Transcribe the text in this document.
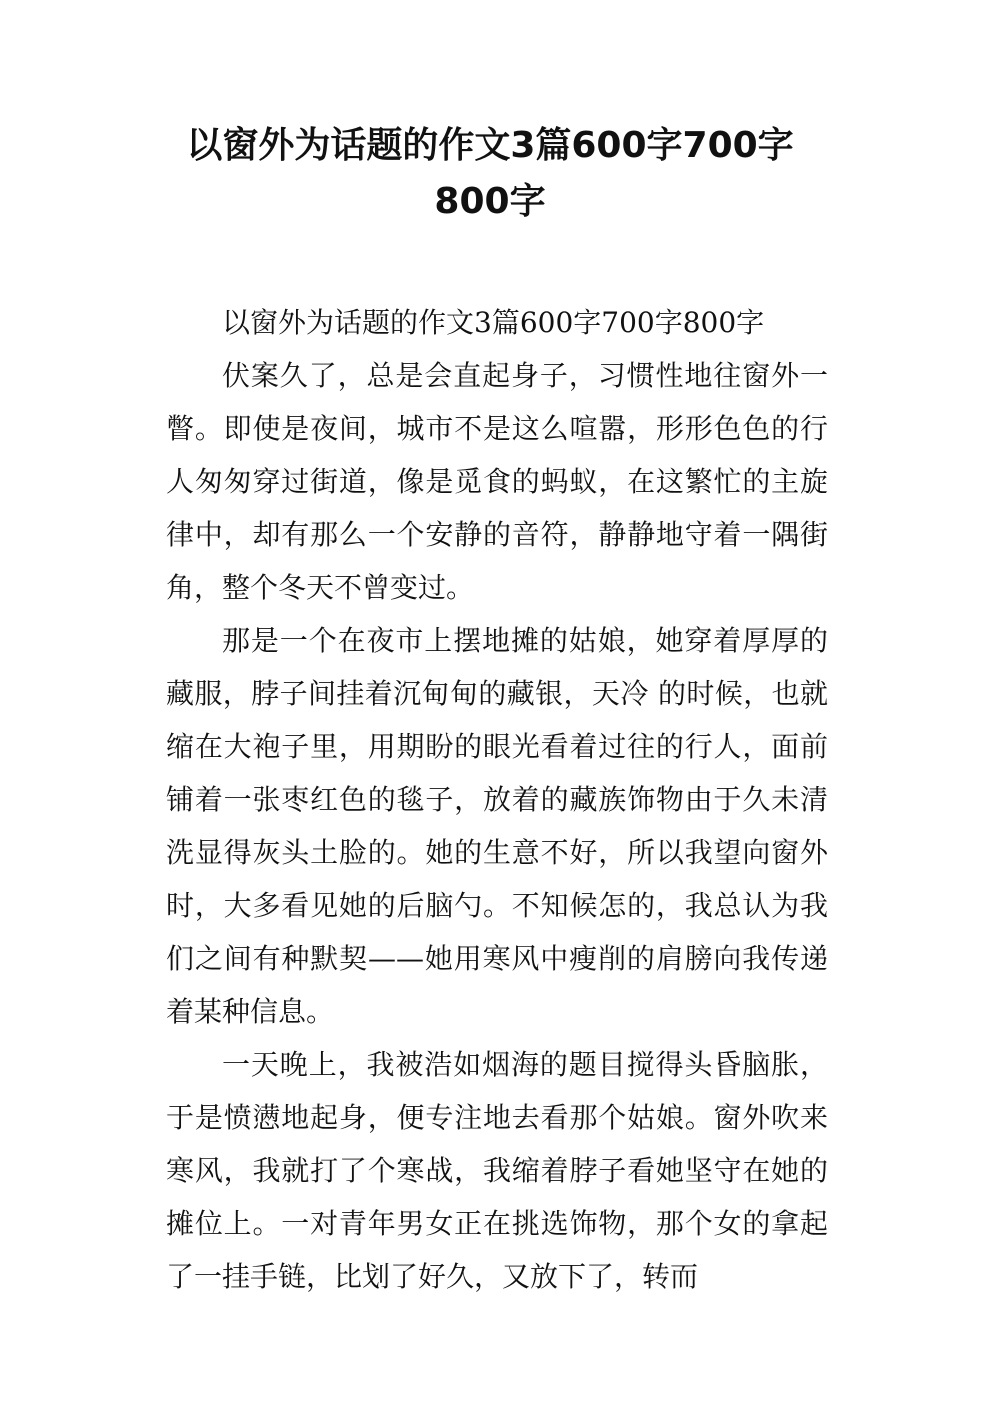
以窗外为话题的作文3篇600字700字800字

以窗外为话题的作文3篇600字700字800字

伏案久了，总是会直起身子，习惯性地往窗外一瞥。即使是夜间，城市不是这么喧嚣，形形色色的行人匆匆穿过街道，像是觅食的蚂蚁，在这繁忙的主旋律中，却有那么一个安静的音符，静静地守着一隅街角，整个冬天不曾变过。

那是一个在夜市上摆地摊的姑娘，她穿着厚厚的藏服，脖子间挂着沉甸甸的藏银，天冷 的时候，也就缩在大袍子里，用期盼的眼光看着过往的行人，面前铺着一张枣红色的毯子，放着的藏族饰物由于久未清洗显得灰头土脸的。她的生意不好，所以我望向窗外 时，大多看见她的后脑勺。不知候怎的，我总认为我们之间有种默契——她用寒风中瘦削的肩膀向我传递着某种信息。

一天晚上，我被浩如烟海的题目搅得头昏脑胀，于是愤懑地起身，便专注地去看那个姑娘。窗外吹来寒风，我就打了个寒战，我缩着脖子看她坚守在她的摊位上。一对青年男女正在挑选饰物，那个女的拿起了一挂手链，比划了好久，又放下了，转而
